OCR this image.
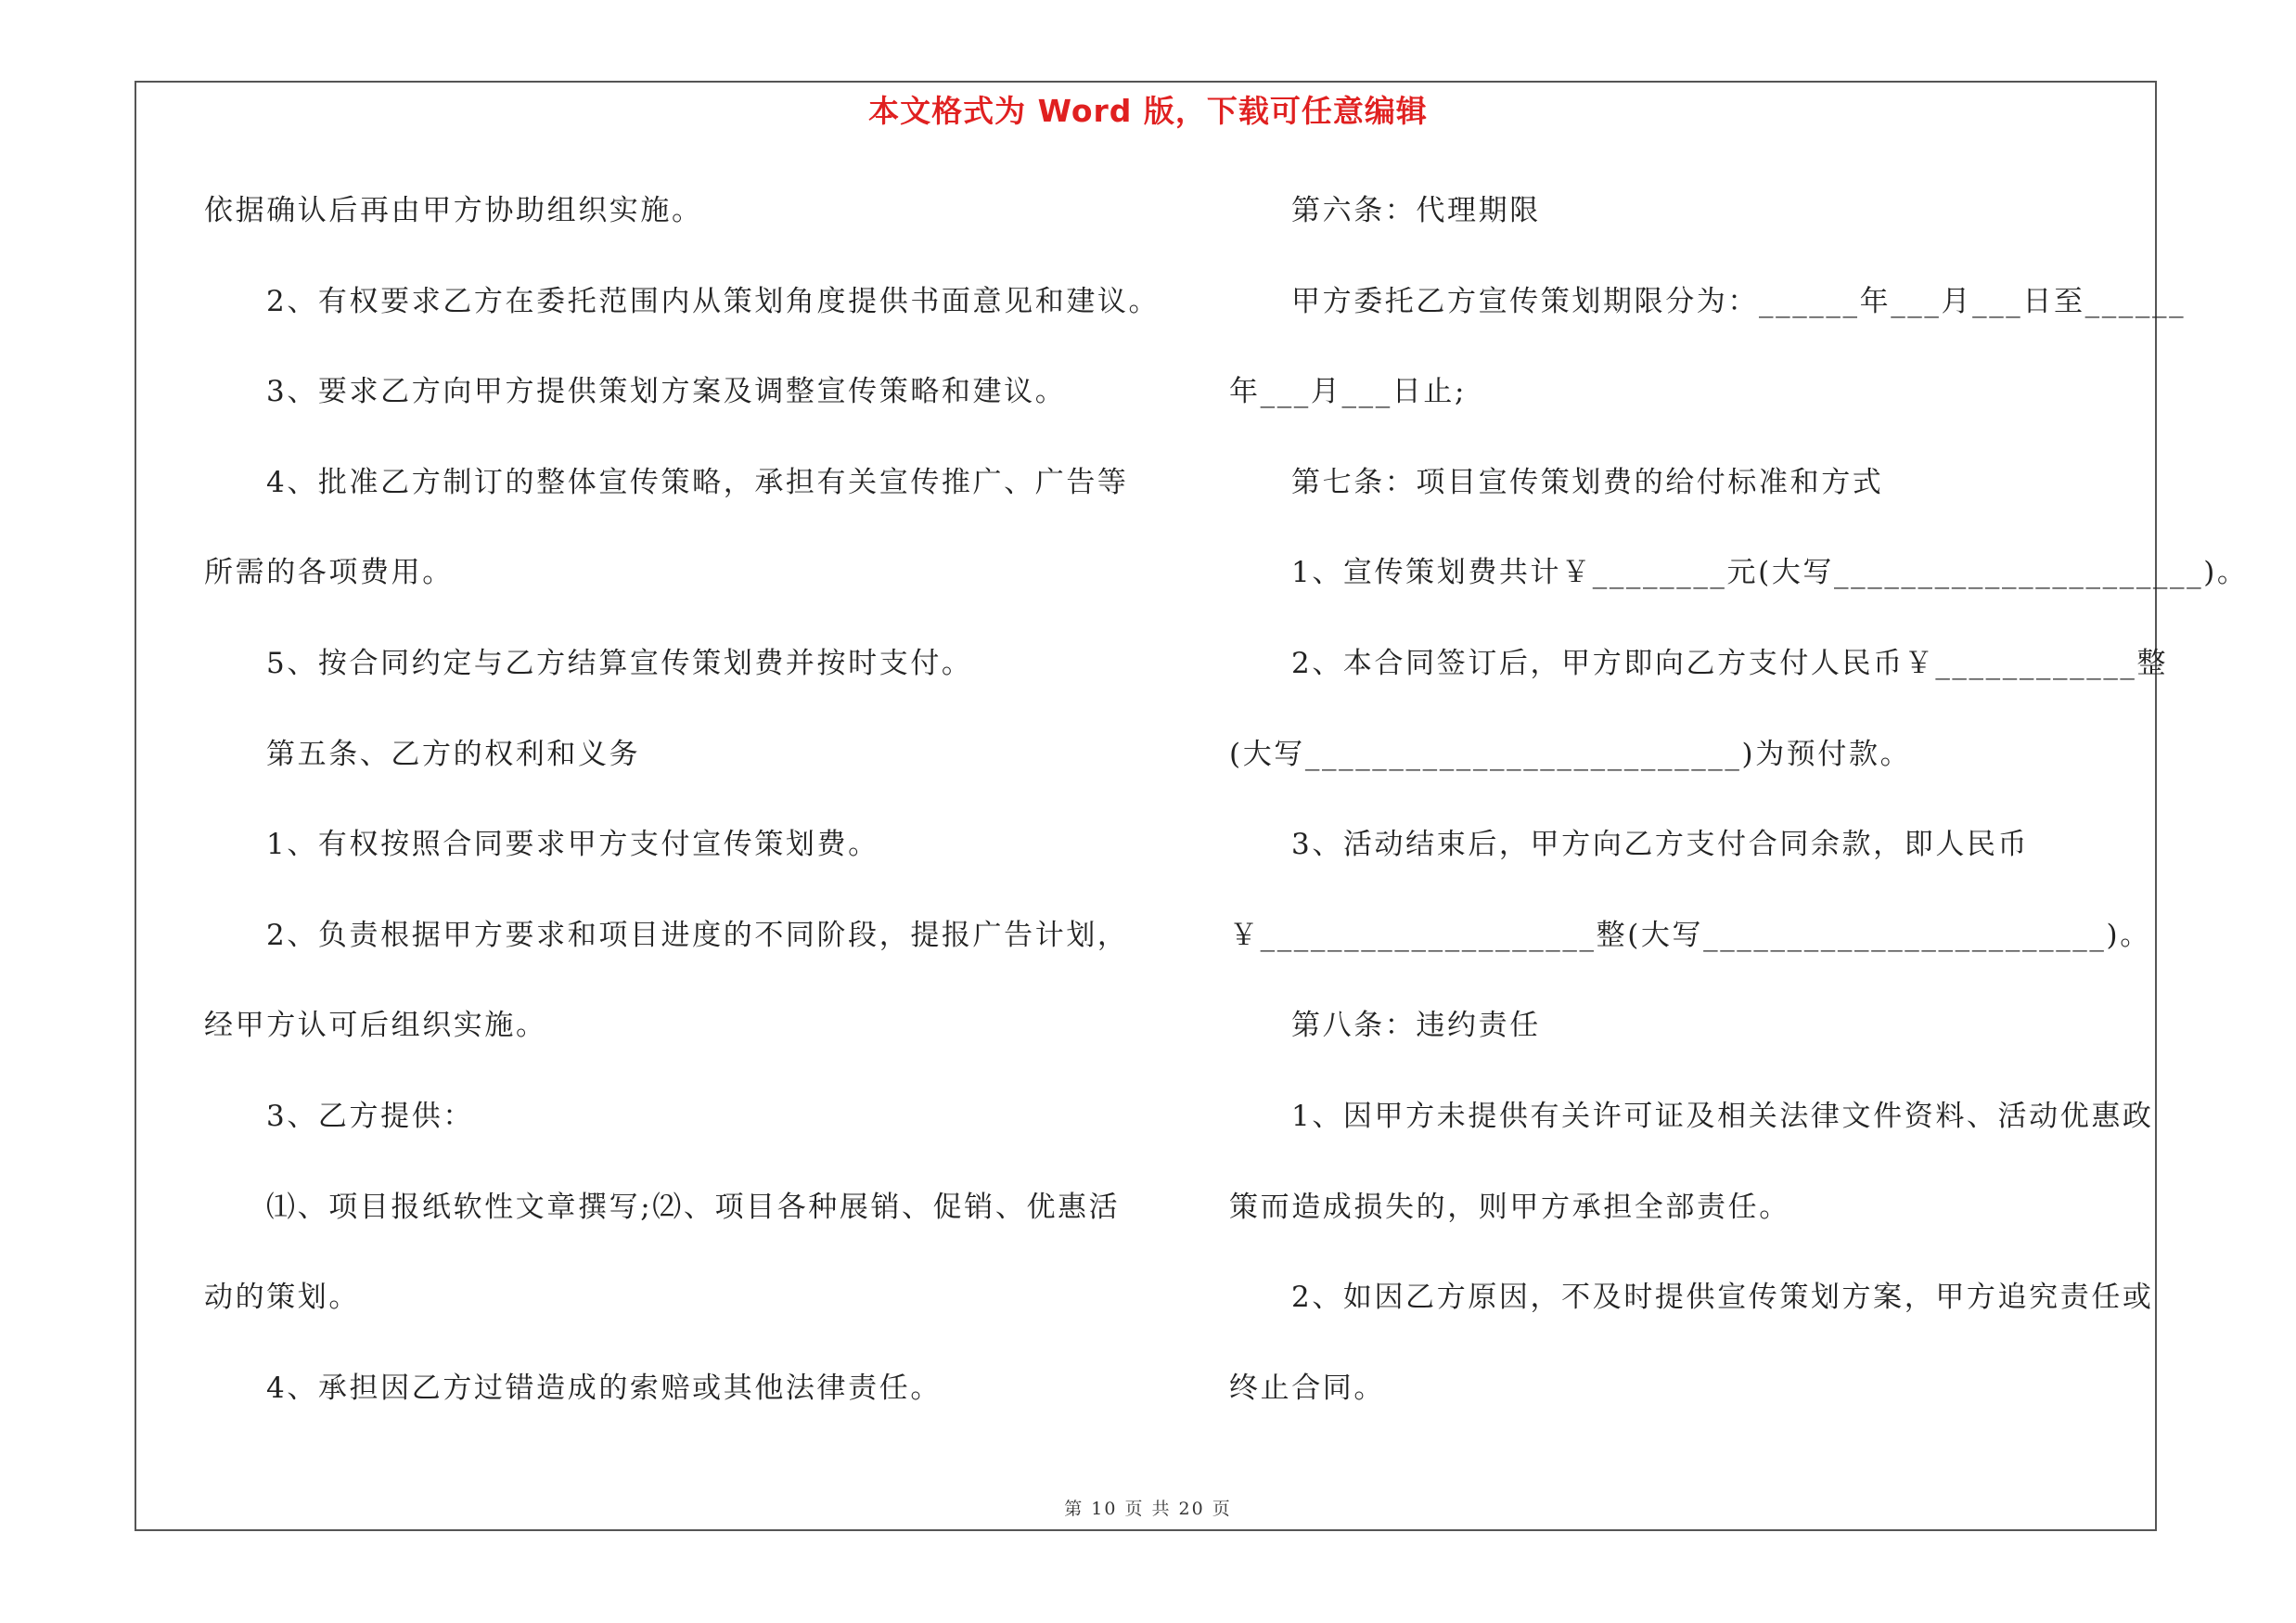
本文格式为 Word 版，下载可任意编辑
依据确认后再由甲方协助组织实施。
2、有权要求乙方在委托范围内从策划角度提供书面意见和建议。
3、要求乙方向甲方提供策划方案及调整宣传策略和建议。
4、批准乙方制订的整体宣传策略，承担有关宣传推广、广告等
所需的各项费用。
5、按合同约定与乙方结算宣传策划费并按时支付。
第五条、乙方的权利和义务
1、有权按照合同要求甲方支付宣传策划费。
2、负责根据甲方要求和项目进度的不同阶段，提报广告计划，
经甲方认可后组织实施。
3、乙方提供：
⑴、项目报纸软性文章撰写;⑵、项目各种展销、促销、优惠活
动的策划。
4、承担因乙方过错造成的索赔或其他法律责任。
第六条：代理期限
甲方委托乙方宣传策划期限分为：______年___月___日至______
年___月___日止;
第七条：项目宣传策划费的给付标准和方式
1、宣传策划费共计￥________元(大写______________________)。
2、本合同签订后，甲方即向乙方支付人民币￥____________整
(大写__________________________)为预付款。
3、活动结束后，甲方向乙方支付合同余款，即人民币
￥____________________整(大写________________________)。
第八条：违约责任
1、因甲方未提供有关许可证及相关法律文件资料、活动优惠政
策而造成损失的，则甲方承担全部责任。
2、如因乙方原因，不及时提供宣传策划方案，甲方追究责任或
终止合同。
第 10 页 共 20 页
